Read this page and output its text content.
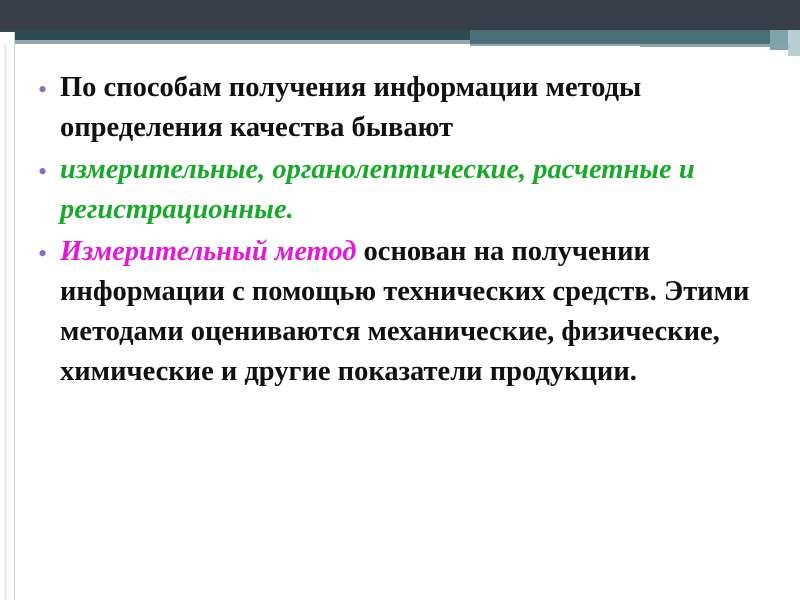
• По способам получения информации методы определения качества бывают
• измерительные, органолептические, расчетные и регистрационные.
• Измерительный метод основан на получении информации с помощью технических средств. Этими методами оцениваются механические, физические, химические и другие показатели продукции.
